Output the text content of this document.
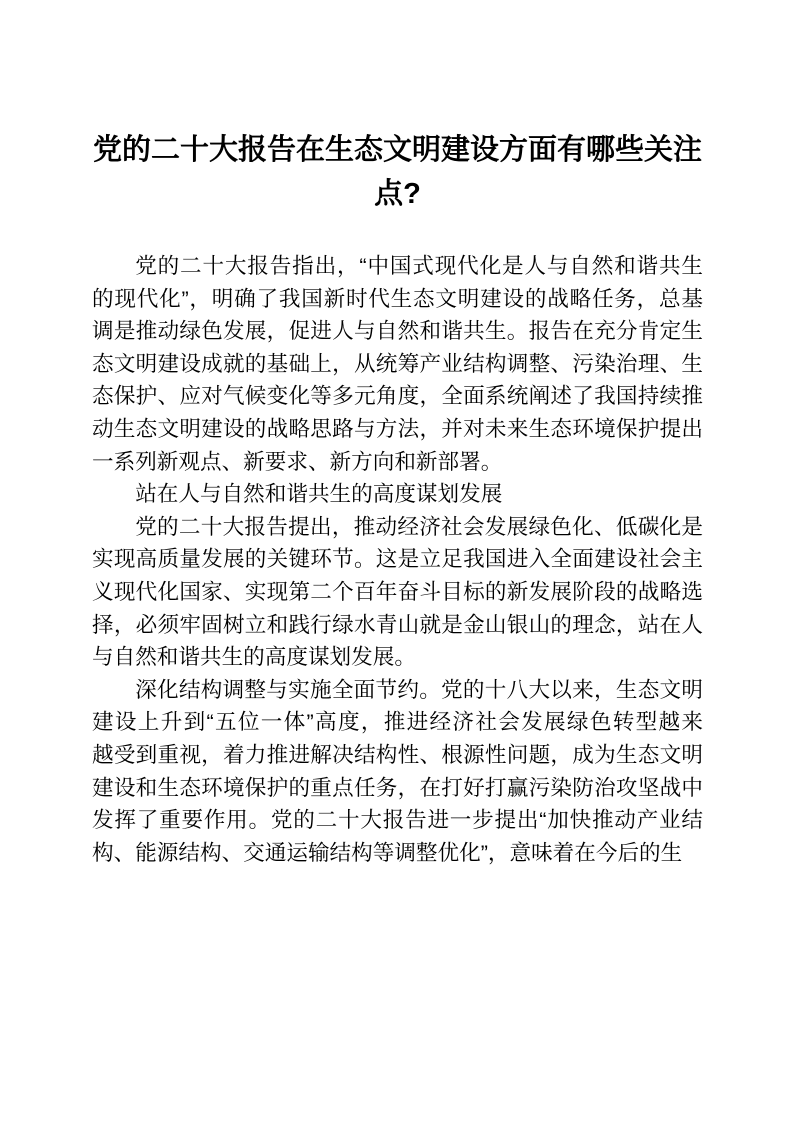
党的二十大报告在生态文明建设方面有哪些关注点?

党的二十大报告指出，“中国式现代化是人与自然和谐共生的现代化”，明确了我国新时代生态文明建设的战略任务，总基调是推动绿色发展，促进人与自然和谐共生。报告在充分肯定生态文明建设成就的基础上，从统筹产业结构调整、污染治理、生态保护、应对气候变化等多元角度，全面系统阐述了我国持续推动生态文明建设的战略思路与方法，并对未来生态环境保护提出一系列新观点、新要求、新方向和新部署。

站在人与自然和谐共生的高度谋划发展

党的二十大报告提出，推动经济社会发展绿色化、低碳化是实现高质量发展的关键环节。这是立足我国进入全面建设社会主义现代化国家、实现第二个百年奋斗目标的新发展阶段的战略选择，必须牢固树立和践行绿水青山就是金山银山的理念，站在人与自然和谐共生的高度谋划发展。

深化结构调整与实施全面节约。党的十八大以来，生态文明建设上升到“五位一体”高度，推进经济社会发展绿色转型越来　越受到重视，着力推进解决结构性、根源性问题，成为生态文明建设和生态环境保护的重点任务，在打好打赢污染防治攻坚战中发挥了重要作用。党的二十大报告进一步提出“加快推动产业结构、能源结构、交通运输结构等调整优化”，意味着在今后的生
